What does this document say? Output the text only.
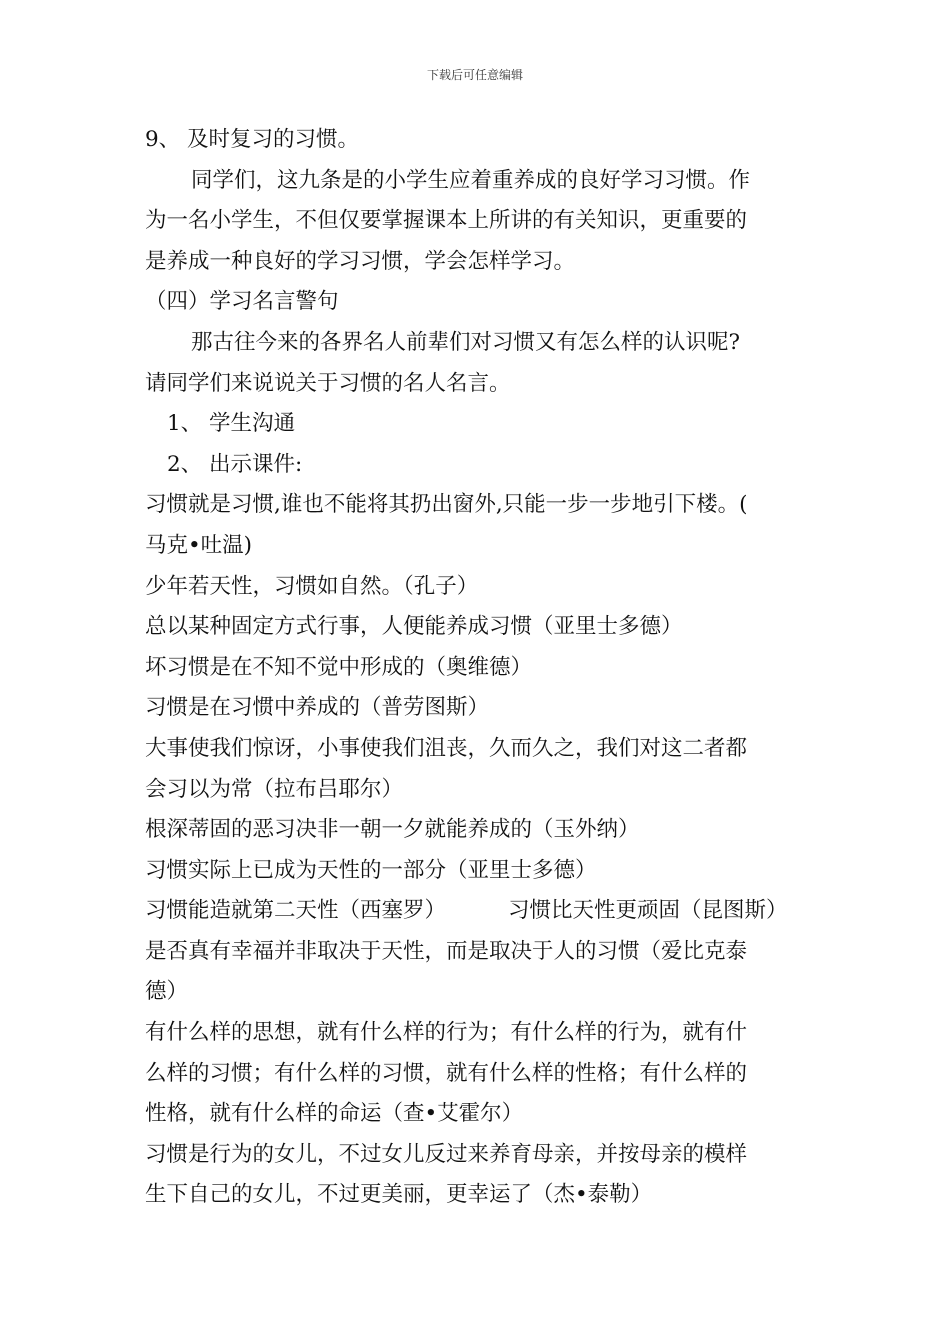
下载后可任意编辑
9、 及时复习的习惯。
同学们，这九条是的小学生应着重养成的良好学习习惯。作
为一名小学生，不但仅要掌握课本上所讲的有关知识，更重要的
是养成一种良好的学习习惯，学会怎样学习。
（四）学习名言警句
那古往今来的各界名人前辈们对习惯又有怎么样的认识呢?
请同学们来说说关于习惯的名人名言。
1、 学生沟通
2、 出示课件:
习惯就是习惯,谁也不能将其扔出窗外,只能一步一步地引下楼。(
马克•吐温)
少年若天性，习惯如自然。（孔子）
总以某种固定方式行事，人便能养成习惯（亚里士多德）
坏习惯是在不知不觉中形成的（奥维德）
习惯是在习惯中养成的（普劳图斯）
大事使我们惊讶，小事使我们沮丧，久而久之，我们对这二者都
会习以为常（拉布吕耶尔）
根深蒂固的恶习决非一朝一夕就能养成的（玉外纳）
习惯实际上已成为天性的一部分（亚里士多德）
习惯能造就第二天性（西塞罗）	习惯比天性更顽固（昆图斯）
是否真有幸福并非取决于天性，而是取决于人的习惯（爱比克泰
德）
有什么样的思想，就有什么样的行为；有什么样的行为，就有什
么样的习惯；有什么样的习惯，就有什么样的性格；有什么样的
性格，就有什么样的命运（查•艾霍尔）
习惯是行为的女儿，不过女儿反过来养育母亲，并按母亲的模样
生下自己的女儿，不过更美丽，更幸运了（杰•泰勒）
